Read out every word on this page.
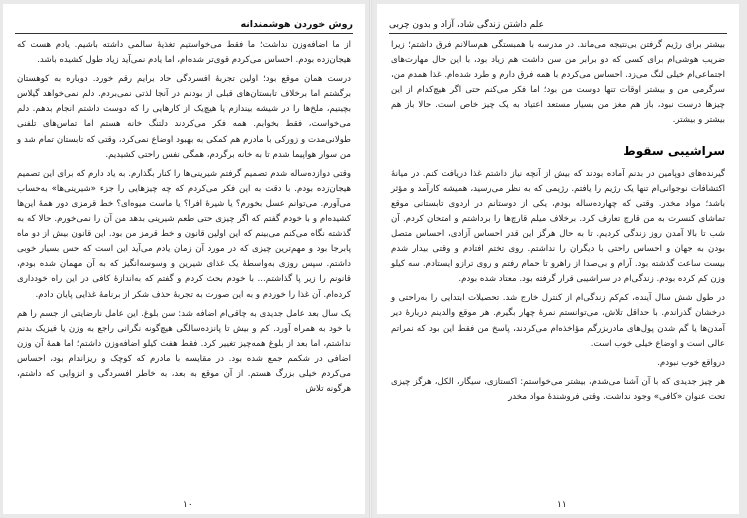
روش خوردن هوشمندانه

از ما اضافه‌وزن نداشت؛ ما فقط می‌خواستیم تغذیهٔ سالمی داشته باشیم. یادم هست که هیجان‌زده بودم. احساس می‌کردم قوی‌تر شده‌ام، اما یادم نمی‌آید زیاد طول کشیده باشد.

درست همان موقع بود؛ اولین تجربهٔ افسردگی حاد برایم رقم خورد. دوباره به کوهستان برگشتم اما برخلاف تابستان‌های قبلی از بودنم در آنجا لذتی نمی‌بردم. دلم نمی‌خواهد گیلاس بچینیم، ملخ‌ها را در شیشه بیندازم یا هیچ‌یک از کارهایی را که دوست داشتم انجام بدهم. دلم می‌خواست، فقط بخوابم. همه فکر می‌کردند دلتنگ خانه هستم اما تماس‌های تلفنی طولانی‌مدت و زورکی با مادرم هم کمکی به بهبود اوضاع نمی‌کرد، وقتی که تابستان تمام شد و من سوار هواپیما شدم تا به خانه برگردم، همگی نفس راحتی کشیدیم.

وقتی دوازده‌ساله شدم تصمیم گرفتم شیرینی‌ها را کنار بگذارم. به یاد دارم که برای این تصمیم هیجان‌زده بودم. با دقت به این فکر می‌کردم که چه چیزهایی را جزء «شیرینی‌ها» به‌حساب می‌آورم. می‌توانم عسل بخورم؟ یا شیرهٔ افرا؟ یا ماست میوه‌ای؟ خط قرمزی دور همهٔ این‌ها کشیده‌ام و با خودم گفتم که اگر چیزی حتی طعم شیرینی بدهد من آن را نمی‌خورم. حالا که به گذشته نگاه می‌کنم می‌بینم که این اولین قانون و خط قرمز من بود. این قانون بیش از دو ماه پابرجا بود و مهم‌ترین چیزی که در مورد آن زمان یادم می‌آید این است که حس بسیار خوبی داشتم. سپس روزی به‌واسطهٔ یک غذای شیرین و وسوسه‌انگیز که به آن مهمان شده بودم، قانونم را زیر پا گذاشتم... با خودم بحث کردم و گفتم که به‌اندازهٔ کافی در این راه خودداری کرده‌ام. آن غذا را خوردم و به این صورت به تجربهٔ حذف شکر از برنامهٔ غذایی پایان دادم.

یک سال بعد عامل جدیدی به چاقی‌ام اضافه شد: سن بلوغ. این عامل نارضایتی از جسم را هم با خود به همراه آورد. کم و بیش تا پانزده‌سالگی هیچ‌گونه نگرانی راجع به وزن یا فیزیک بدنم نداشتم، اما بعد از بلوغ همه‌چیز تغییر کرد. فقط هفت کیلو اضافه‌وزن داشتم؛ اما همهٔ آن وزن اضافی در شکمم جمع شده بود. در مقایسه با مادرم که کوچک و ریزاندام بود، احساس می‌کردم خیلی بزرگ هستم. از آن موقع به بعد، به خاطر افسردگی و انزوایی که داشتم، هرگونه تلاش

۱۰
علم داشتن زندگی شاد، آزاد و بدون چربی

بیشتر برای رژیم گرفتن بی‌نتیجه می‌ماند. در مدرسه با همبستگی هم‌سالانم فرق داشتم؛ زیرا ضریب هوشی‌ام برای کسی که دو برابر من سن داشت هم زیاد بود، با این حال مهارت‌های اجتماعی‌ام خیلی لنگ می‌زد. احساس می‌کردم با همه فرق دارم و طرد شده‌ام. غذا همدم من، سرگرمی من و بیشتر اوقات تنها دوست من بود؛ اما فکر می‌کنم حتی اگر هیچ‌کدام از این چیزها درست نبود، باز هم مغز من بسیار مستعد اعتیاد به یک چیز خاص است. حالا باز هم بیشتر و بیشتر.

سراشیبی سقوط

گیرنده‌های دوپامین در بدنم آماده بودند که بیش از آنچه نیاز داشتم غذا دریافت کنم. در میانهٔ اکتشافات نوجوانی‌ام تنها یک رژیم را یافتم. رژیمی که به نظر می‌رسید، همیشه کارآمد و مؤثر باشد؛ مواد مخدر. وقتی که چهارده‌ساله بودم، یکی از دوستانم در اردوی تابستانی موقع تماشای کنسرت به من قارچ تعارف کرد. برخلاف میلم قارچ‌ها را برداشتم و امتحان کردم. آن شب تا بالا آمدن روز زندگی کردیم. تا به حال هرگز این قدر احساس آزادی، احساس متصل بودن به جهان و احساس راحتی با دیگران را نداشتم. روی تختم افتادم و وقتی بیدار شدم بیست ساعت گذشته بود. آرام و بی‌صدا از راهرو تا حمام رفتم و روی ترازو ایستادم. سه کیلو وزن کم کرده بودم. زندگی‌ام در سراشیبی قرار گرفته بود. معتاد شده بودم.

در طول شش سال آینده، کم‌کم زندگی‌ام از کنترل خارج شد. تحصیلات ابتدایی را به‌راحتی و درخشان گذراندم. با حداقل تلاش، می‌توانستم نمرهٔ چهار بگیرم. هر موقع والدینم دربارهٔ دیر آمدن‌ها یا گم شدن پول‌های مادربزرگم مؤاخذه‌ام می‌کردند، پاسخ من فقط این بود که نمراتم عالی است و اوضاع خیلی خوب است.

درواقع خوب نبودم.

هر چیز جدیدی که با آن آشنا می‌شدم، بیشتر می‌خواستم: اکستازی، سیگار، الکل، هرگز چیزی تحت عنوان «کافی» وجود نداشت. وقتی فروشندهٔ مواد مخدر

۱۱
